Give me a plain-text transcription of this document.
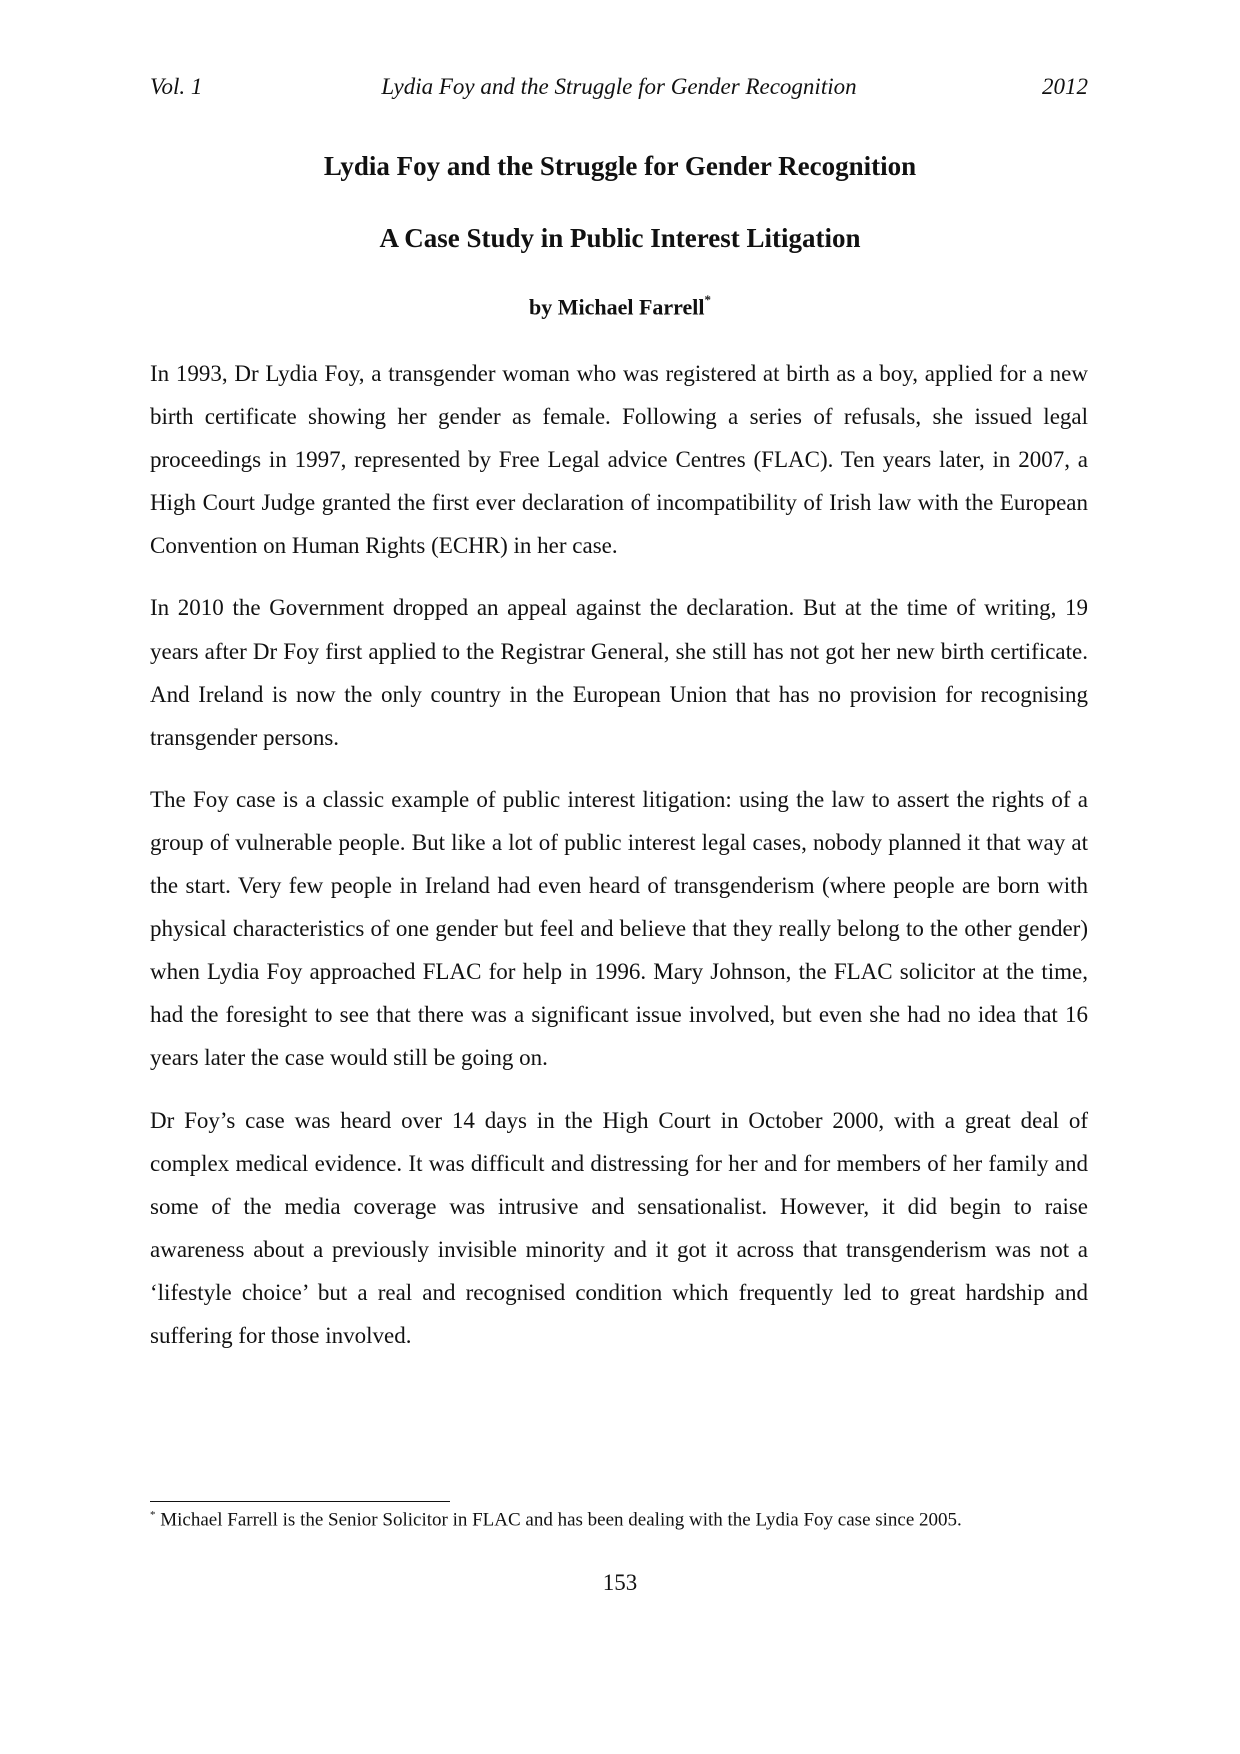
Vol. 1	Lydia Foy and the Struggle for Gender Recognition	2012
Lydia Foy and the Struggle for Gender Recognition
A Case Study in Public Interest Litigation
by Michael Farrell*

In 1993, Dr Lydia Foy, a transgender woman who was registered at birth as a boy, applied for a new birth certificate showing her gender as female. Following a series of refusals, she issued legal proceedings in 1997, represented by Free Legal advice Centres (FLAC). Ten years later, in 2007, a High Court Judge granted the first ever declaration of incompatibility of Irish law with the European Convention on Human Rights (ECHR) in her case.

In 2010 the Government dropped an appeal against the declaration. But at the time of writing, 19 years after Dr Foy first applied to the Registrar General, she still has not got her new birth certificate. And Ireland is now the only country in the European Union that has no provision for recognising transgender persons.

The Foy case is a classic example of public interest litigation: using the law to assert the rights of a group of vulnerable people. But like a lot of public interest legal cases, nobody planned it that way at the start. Very few people in Ireland had even heard of transgenderism (where people are born with physical characteristics of one gender but feel and believe that they really belong to the other gender) when Lydia Foy approached FLAC for help in 1996. Mary Johnson, the FLAC solicitor at the time, had the foresight to see that there was a significant issue involved, but even she had no idea that 16 years later the case would still be going on.

Dr Foy’s case was heard over 14 days in the High Court in October 2000, with a great deal of complex medical evidence. It was difficult and distressing for her and for members of her family and some of the media coverage was intrusive and sensationalist. However, it did begin to raise awareness about a previously invisible minority and it got it across that transgenderism was not a ‘lifestyle choice’ but a real and recognised condition which frequently led to great hardship and suffering for those involved.

* Michael Farrell is the Senior Solicitor in FLAC and has been dealing with the Lydia Foy case since 2005.
153
